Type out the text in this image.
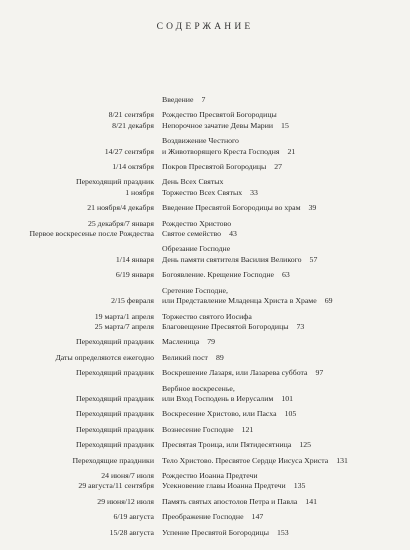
СОДЕРЖАНИЕ

Введение 7
8/21 сентября
8/21 декабря
Рождество Пресвятой Богородицы
Непорочное зачатие Девы Марии 15

14/27 сентября
Воздвижение Честного
и Животворящего Креста Господня 21
1/14 октября Покров Пресвятой Богородицы 27
Переходящий праздник
1 ноября
День Всех Святых
Торжество Всех Святых 33
21 ноября/4 декабря Введение Пресвятой Богородицы во храм 39
25 декабря/7 января
Первое воскресенье после Рождества
Рождество Христово
Святое семейство 43

1/14 января
Обрезание Господне
День памяти святителя Василия Великого 57
6/19 января Богоявление. Крещение Господне 63

2/15 февраля
Сретение Господне,
или Представление Младенца Христа в Храме 69
19 марта/1 апреля
25 марта/7 апреля
Торжество святого Иосифа
Благовещение Пресвятой Богородицы 73
Переходящий праздник Масленица 79
Даты определяются ежегодно Великий пост 89
Переходящий праздник Воскрешение Лазаря, или Лазарева суббота 97

Переходящий праздник
Вербное воскресенье,
или Вход Господень в Иерусалим 101
Переходящий праздник Воскресение Христово, или Пасха 105
Переходящий праздник Вознесение Господне 121
Переходящий праздник Пресвятая Троица, или Пятидесятница 125
Переходящие праздники Тело Христово. Пресвятое Сердце Иисуса Христа 131
24 июня/7 июля
29 августа/11 сентября
Рождество Иоанна Предтечи
Усекновение главы Иоанна Предтечи 135
29 июня/12 июля Память святых апостолов Петра и Павла 141
6/19 августа Преображение Господне 147
15/28 августа Успение Пресвятой Богородицы 153
